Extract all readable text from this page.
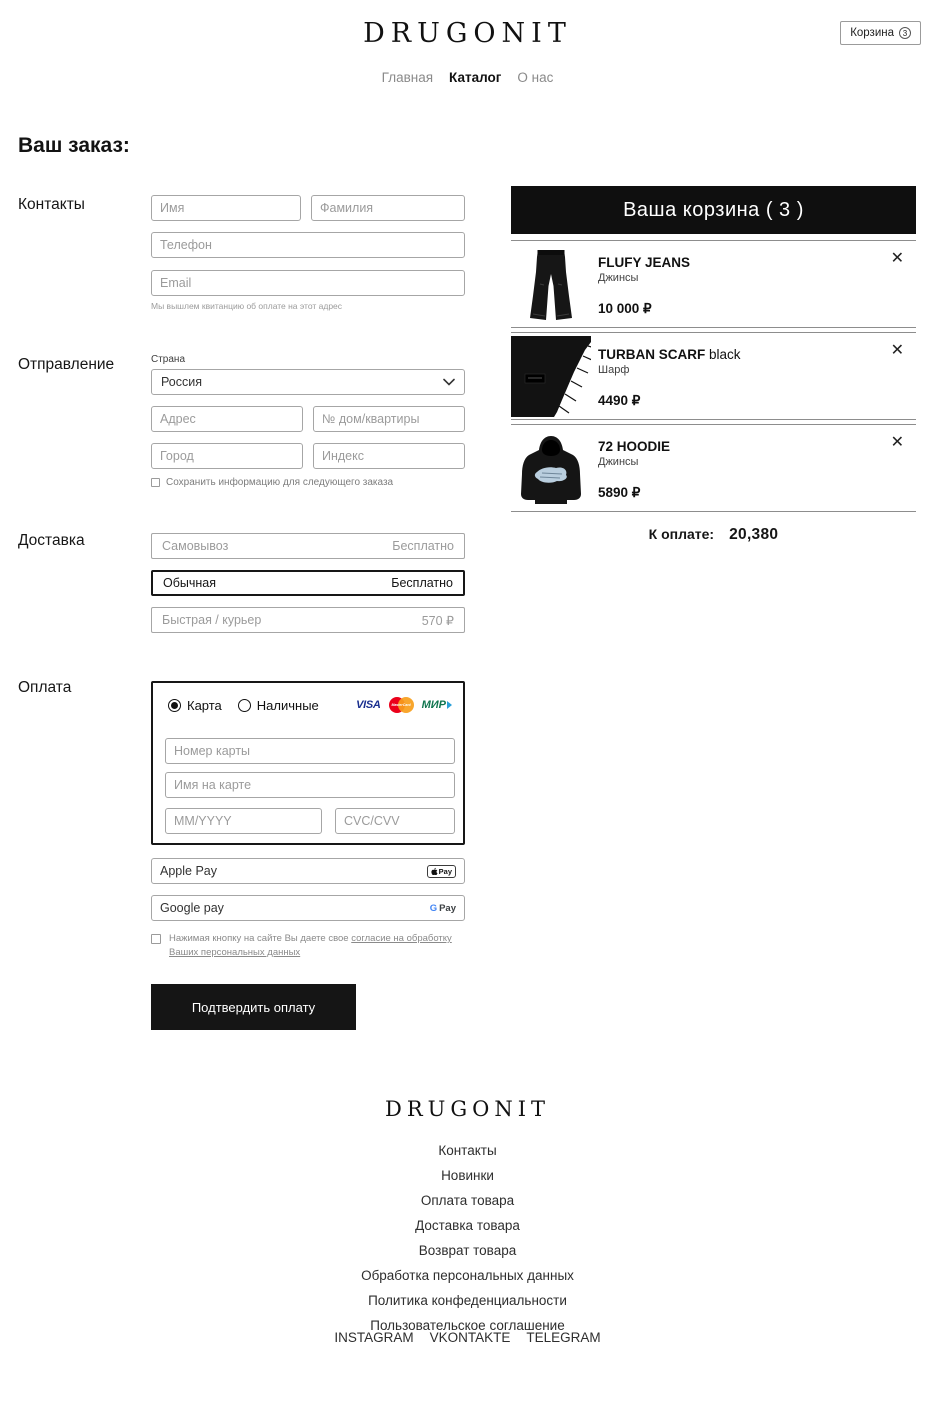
DRUGONIT	Корзина	3
Главная Каталог О нас
Ваш заказ:
Контакты
Отправление
Доставка
Оплата
Имя
Фамилия
Телефон Email
Мы вышлем квитанцию об оплате на этот адрес
Страна
Россия
Адрес
№ дом/квартиры
Город
Индекс
Сохранить информацию для следующего заказа
Самовывоз	Бесплатно
Обычная	Бесплатно
Быстрая / курьер	570 ₽
Карта	Наличные	VISA	MasterCard МИР
Номер карты
Имя на карте
MM/YYYY
CVC/CVV
Apple Pay	Pay
Google pay	G Pay
Нажимая кнопку на сайте Вы даете свое согласие на обработку Ваших персональных данных
Подтвердить оплату
Ваша корзина ( 3 )
FLUFY JEANS
Джинсы
10 000 ₽
✕
TURBAN SCARF black
Шарф
4490 ₽
✕
72 HOODIE
Джинсы
5890 ₽
✕
К оплате: 20,380
DRUGONIT
Контакты
Новинки
Оплата товара
Доставка товара
Возврат товара
Обработка персональных данных
Политика конфеденциальности
Пользовательское соглашение
INSTAGRAM VKONTAKTE TELEGRAM
